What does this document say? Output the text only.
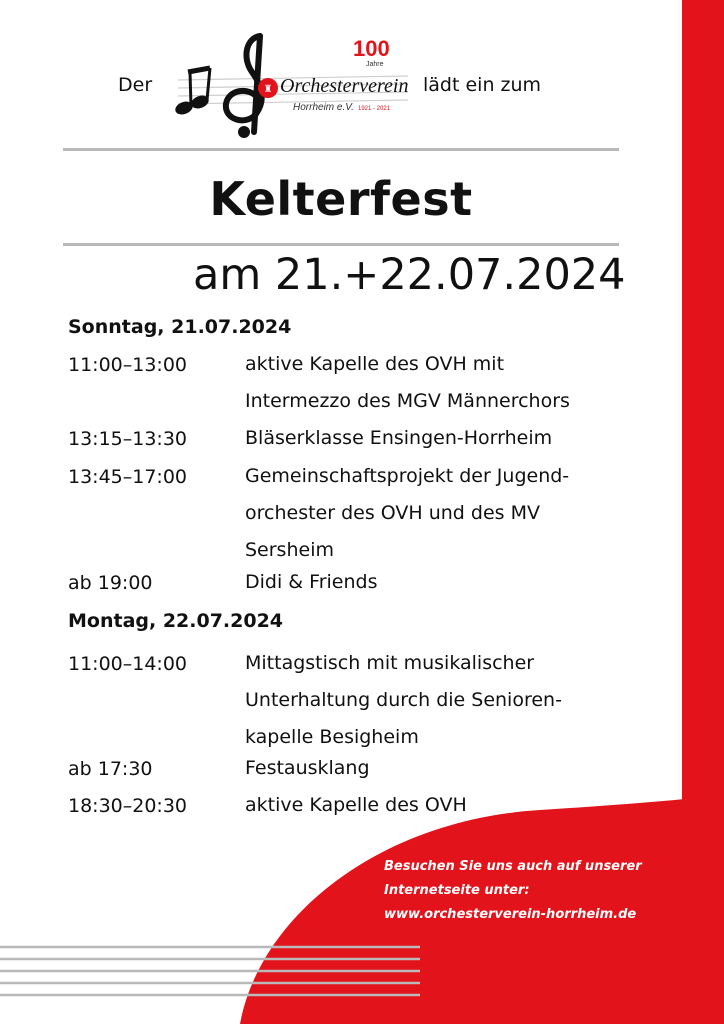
Der	♜
100
Jahre
Orchesterverein
Horrheim e.V. 1921 - 2021
lädt ein zum
Kelterfest
am 21.+22.07.2024
Sonntag, 21.07.2024
11:00–13:00	aktive Kapelle des OVH mit
Intermezzo des MGV Männerchors
13:15–13:30	Bläserklasse Ensingen-Horrheim
13:45–17:00	Gemeinschaftsprojekt der Jugend-
orchester des OVH und des MV
Sersheim
ab 19:00	Didi & Friends
Montag, 22.07.2024
11:00–14:00	Mittagstisch mit musikalischer
Unterhaltung durch die Senioren-
kapelle Besigheim
ab 17:30	Festausklang
18:30–20:30	aktive Kapelle des OVH
Besuchen Sie uns auch auf unserer
Internetseite unter:
www.orchesterverein-horrheim.de
